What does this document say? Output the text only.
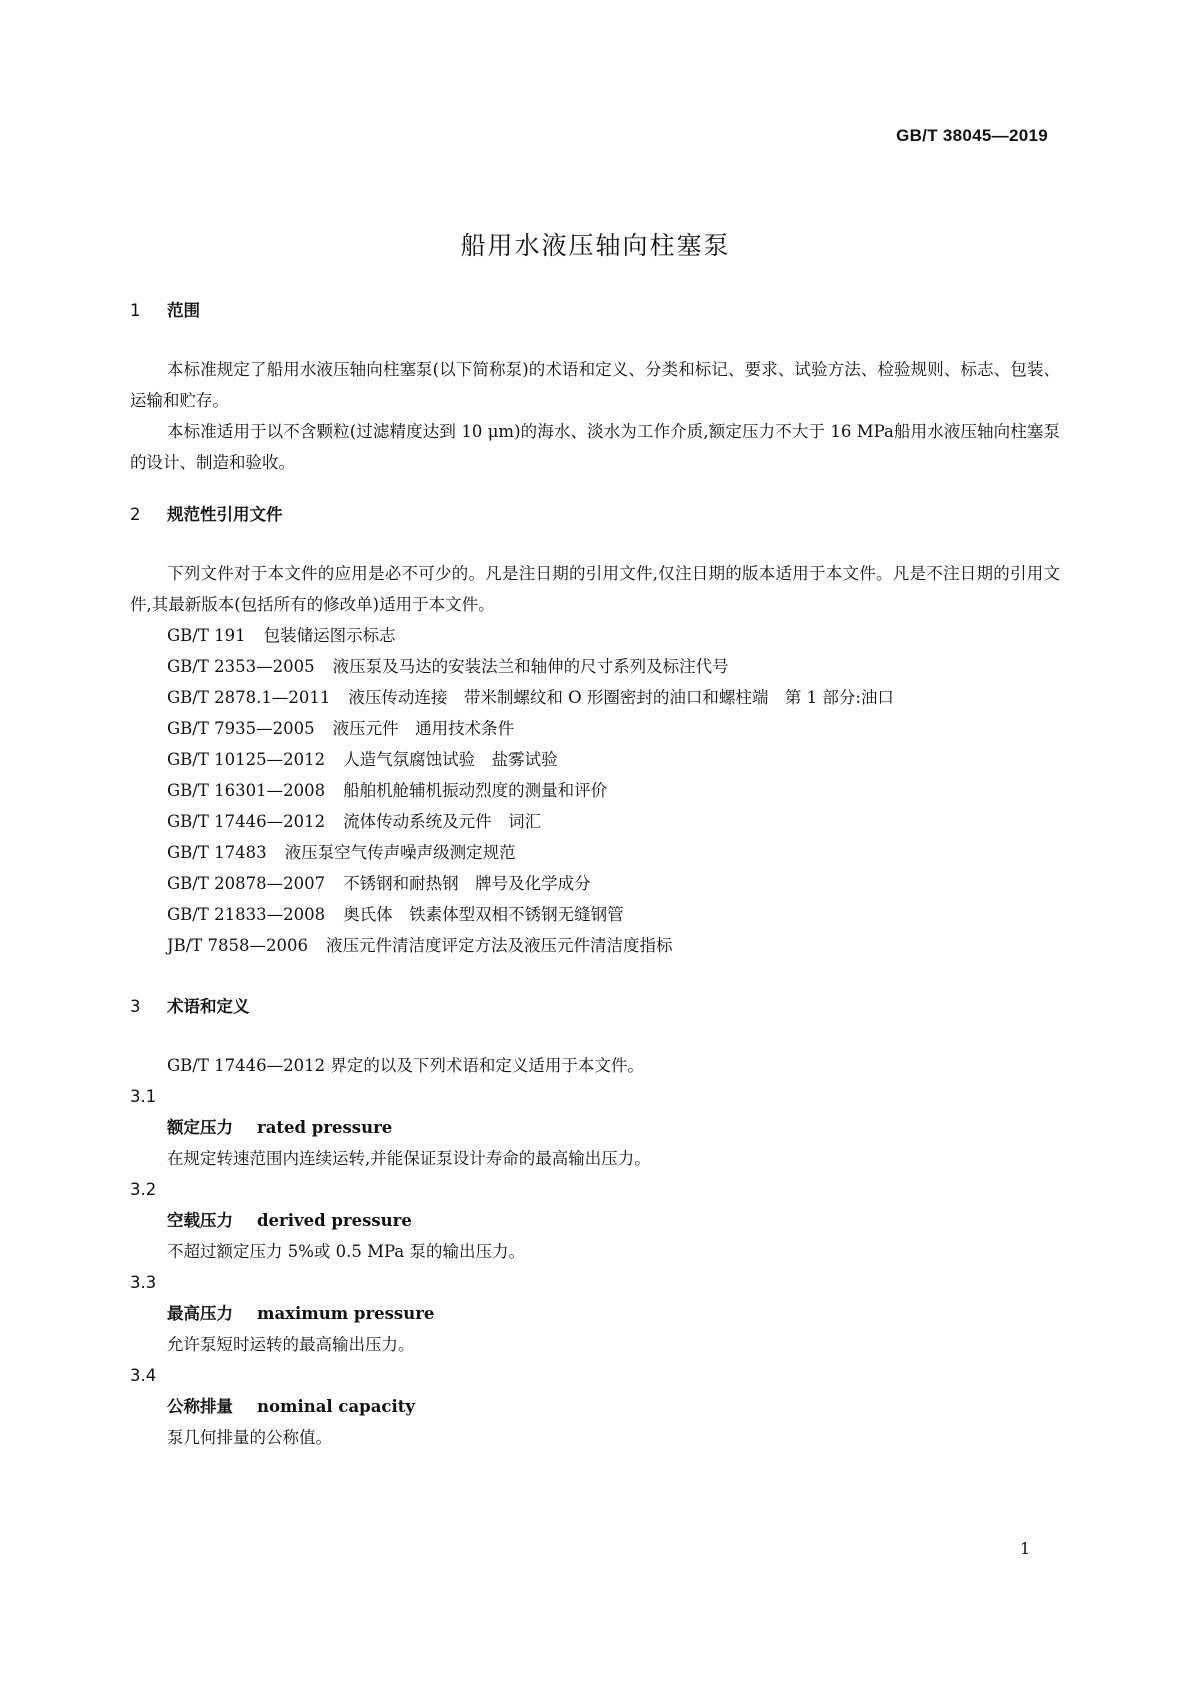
GB/T 38045—2019
船用水液压轴向柱塞泵
1 范围
本标准规定了船用水液压轴向柱塞泵(以下简称泵)的术语和定义、分类和标记、要求、试验方法、检验规则、标志、包装、运输和贮存。
本标准适用于以不含颗粒(过滤精度达到 10 μm)的海水、淡水为工作介质,额定压力不大于 16 MPa船用水液压轴向柱塞泵的设计、制造和验收。
2 规范性引用文件
下列文件对于本文件的应用是必不可少的。凡是注日期的引用文件,仅注日期的版本适用于本文件。凡是不注日期的引用文件,其最新版本(包括所有的修改单)适用于本文件。
GB/T 191 包装储运图示标志
GB/T 2353—2005 液压泵及马达的安装法兰和轴伸的尺寸系列及标注代号
GB/T 2878.1—2011 液压传动连接　带米制螺纹和 O 形圈密封的油口和螺柱端　第 1 部分:油口
GB/T 7935—2005 液压元件　通用技术条件
GB/T 10125—2012 人造气氛腐蚀试验　盐雾试验
GB/T 16301—2008 船舶机舱辅机振动烈度的测量和评价
GB/T 17446—2012 流体传动系统及元件　词汇
GB/T 17483 液压泵空气传声噪声级测定规范
GB/T 20878—2007 不锈钢和耐热钢　牌号及化学成分
GB/T 21833—2008 奥氏体　铁素体型双相不锈钢无缝钢管
JB/T 7858—2006 液压元件清洁度评定方法及液压元件清洁度指标
3 术语和定义
GB/T 17446—2012 界定的以及下列术语和定义适用于本文件。
3.1
额定压力 rated pressure
在规定转速范围内连续运转,并能保证泵设计寿命的最高输出压力。
3.2
空载压力 derived pressure
不超过额定压力 5%或 0.5 MPa 泵的输出压力。
3.3
最高压力 maximum pressure
允许泵短时运转的最高输出压力。
3.4
公称排量 nominal capacity
泵几何排量的公称值。
1
